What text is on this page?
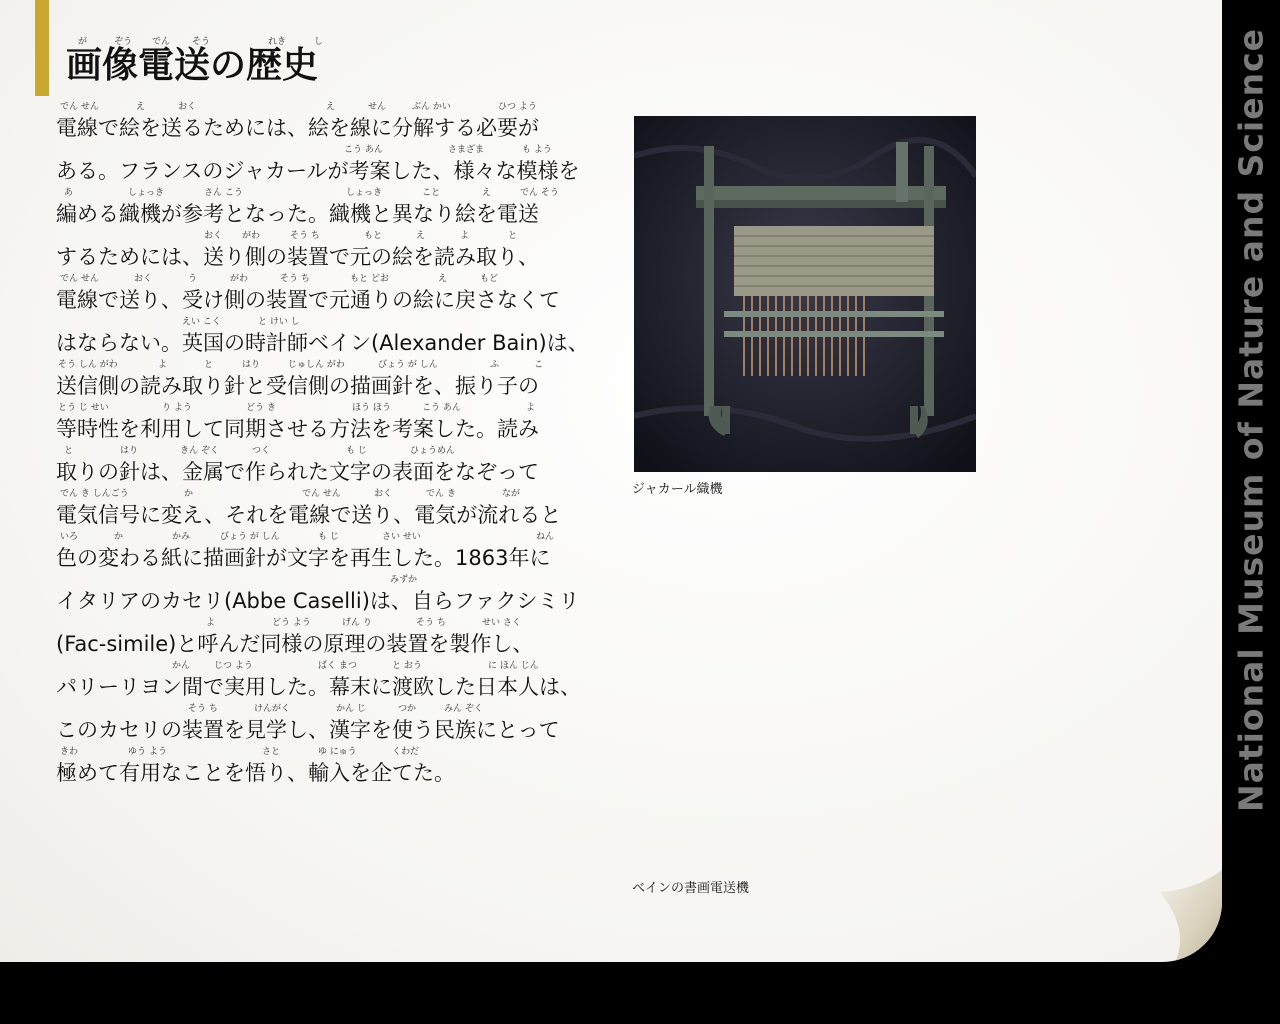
が	ぞう でん そう	れき	し
画像電送の歴史
電線で絵を送るためには、絵を線に分解する必要が
でん せん	え	おく	え	せん	ぶん かい	ひつ よう
ある。フランスのジャカールが考案した、様々な模様を
こう あん	さまざま	も よう
編める織機が参考となった。織機と異なり絵を電送
あ	しょっき	さん こう	しょっき	こと	え	でん そう
するためには、送り側の装置で元の絵を読み取り、
おく がわ	そう ち	もと	え	よ	と
電線で送り、受け側の装置で元通りの絵に戻さなくて
でん せん	おく	う	がわ	そう ち	もと どお	え	もど
はならない。英国の時計師ベイン(Alexander Bain)は、
えい こく	と けい し
送信側の読み取り針と受信側の描画針を、振り子の
そう しん がわ	よ	と	はり	じゅしん がわ	びょう が しん	ふ	こ
等時性を利用して同期させる方法を考案した。読み
とう じ せい	り よう	どう き	ほう ほう	こう あん	よ
取りの針は、金属で作られた文字の表面をなぞって
と	はり	きん ぞく	つく	も じ	ひょうめん
電気信号に変え、それを電線で送り、電気が流れると
でん き しんごう	か	でん せん	おく	でん き	なが
色の変わる紙に描画針が文字を再生した。1863年に
いろ	か	かみ	びょう が しん	も じ	さい せい	ねん
イタリアのカセリ(Abbe Caselli)は、自らファクシミリ
みずか
(Fac-simile)と呼んだ同様の原理の装置を製作し、
よ	どう よう	げん り	そう ち	せい さく
パリーリヨン間で実用した。幕末に渡欧した日本人は、
かん	じつ よう	ばく まつ	と おう	に ほん じん
このカセリの装置を見学し、漢字を使う民族にとって
そう ち	けんがく	かん じ	つか	みん ぞく
極めて有用なことを悟り、輸入を企てた。
きわ	ゆう よう	さと	ゆ にゅう	くわだ
ジャカール織機
ベインの書画電送機
National Museum of Nature and Science
